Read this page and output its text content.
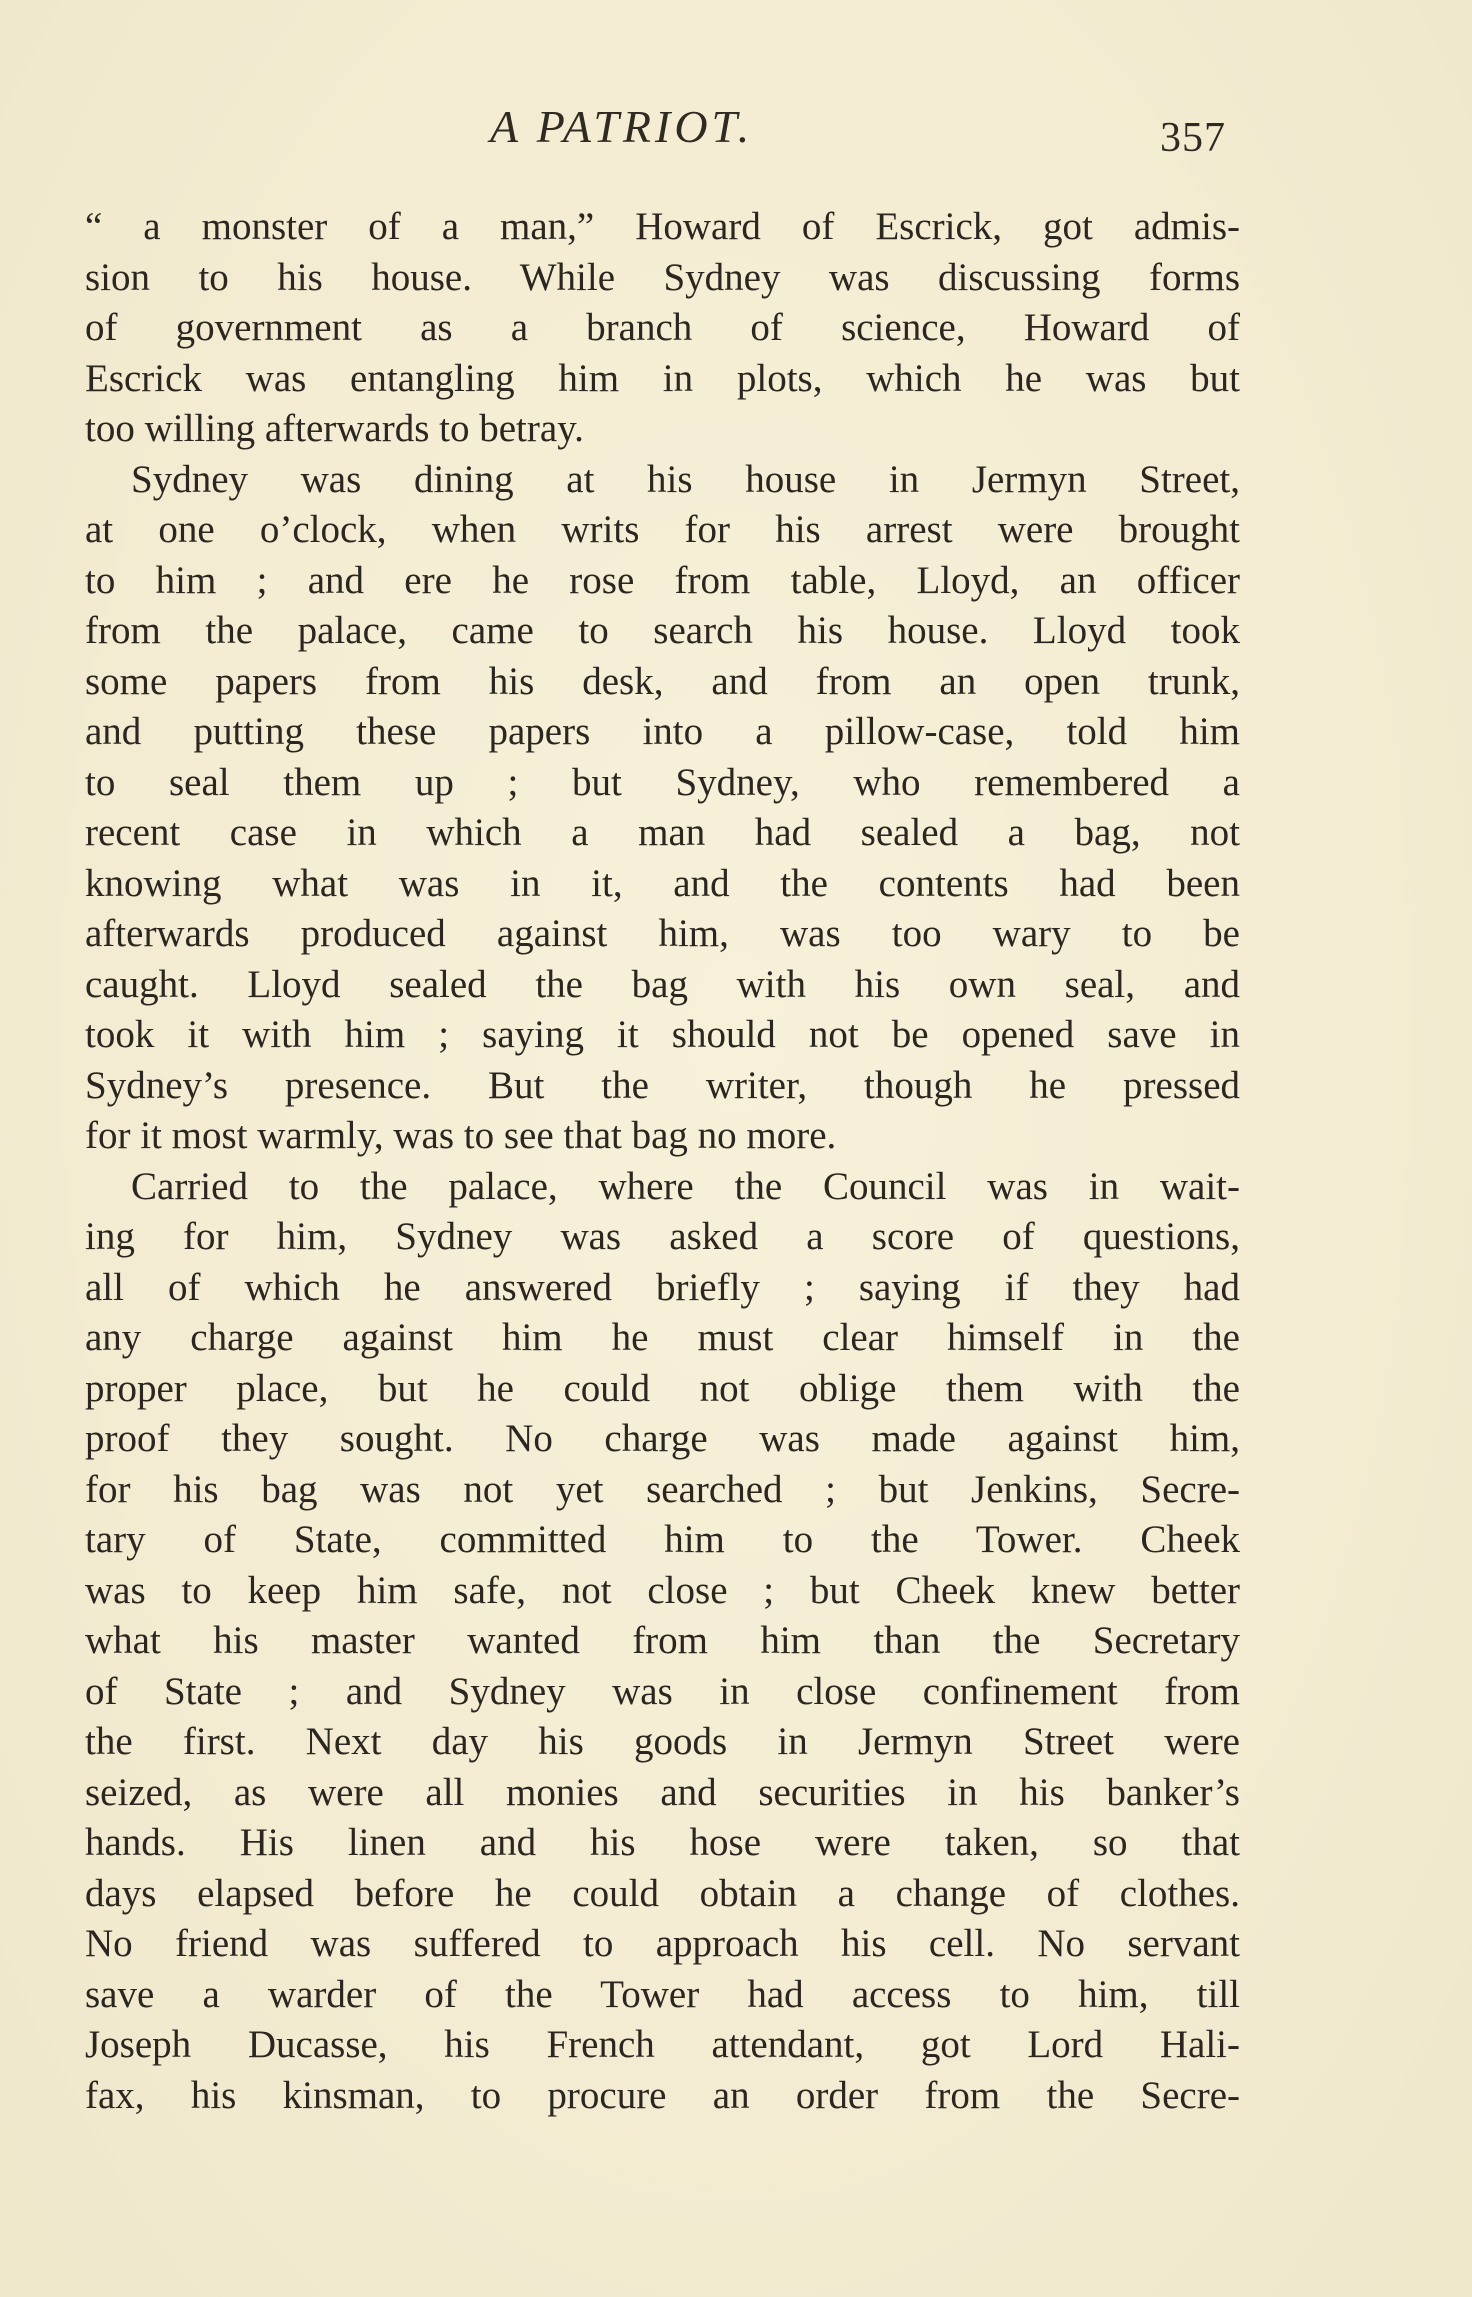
A PATRIOT.	357
“ a monster of a man,” Howard of Escrick, got admis-
sion to his house. While Sydney was discussing forms
of government as a branch of science, Howard of
Escrick was entangling him in plots, which he was but
too willing afterwards to betray.
Sydney was dining at his house in Jermyn Street,
at one o’clock, when writs for his arrest were brought
to him ; and ere he rose from table, Lloyd, an officer
from the palace, came to search his house. Lloyd took
some papers from his desk, and from an open trunk,
and putting these papers into a pillow-case, told him
to seal them up ; but Sydney, who remembered a
recent case in which a man had sealed a bag, not
knowing what was in it, and the contents had been
afterwards produced against him, was too wary to be
caught. Lloyd sealed the bag with his own seal, and
took it with him ; saying it should not be opened save in
Sydney’s presence. But the writer, though he pressed
for it most warmly, was to see that bag no more.
Carried to the palace, where the Council was in wait-
ing for him, Sydney was asked a score of questions,
all of which he answered briefly ; saying if they had
any charge against him he must clear himself in the
proper place, but he could not oblige them with the
proof they sought. No charge was made against him,
for his bag was not yet searched ; but Jenkins, Secre-
tary of State, committed him to the Tower. Cheek
was to keep him safe, not close ; but Cheek knew better
what his master wanted from him than the Secretary
of State ; and Sydney was in close confinement from
the first. Next day his goods in Jermyn Street were
seized, as were all monies and securities in his banker’s
hands. His linen and his hose were taken, so that
days elapsed before he could obtain a change of clothes.
No friend was suffered to approach his cell. No servant
save a warder of the Tower had access to him, till
Joseph Ducasse, his French attendant, got Lord Hali-
fax, his kinsman, to procure an order from the Secre-
